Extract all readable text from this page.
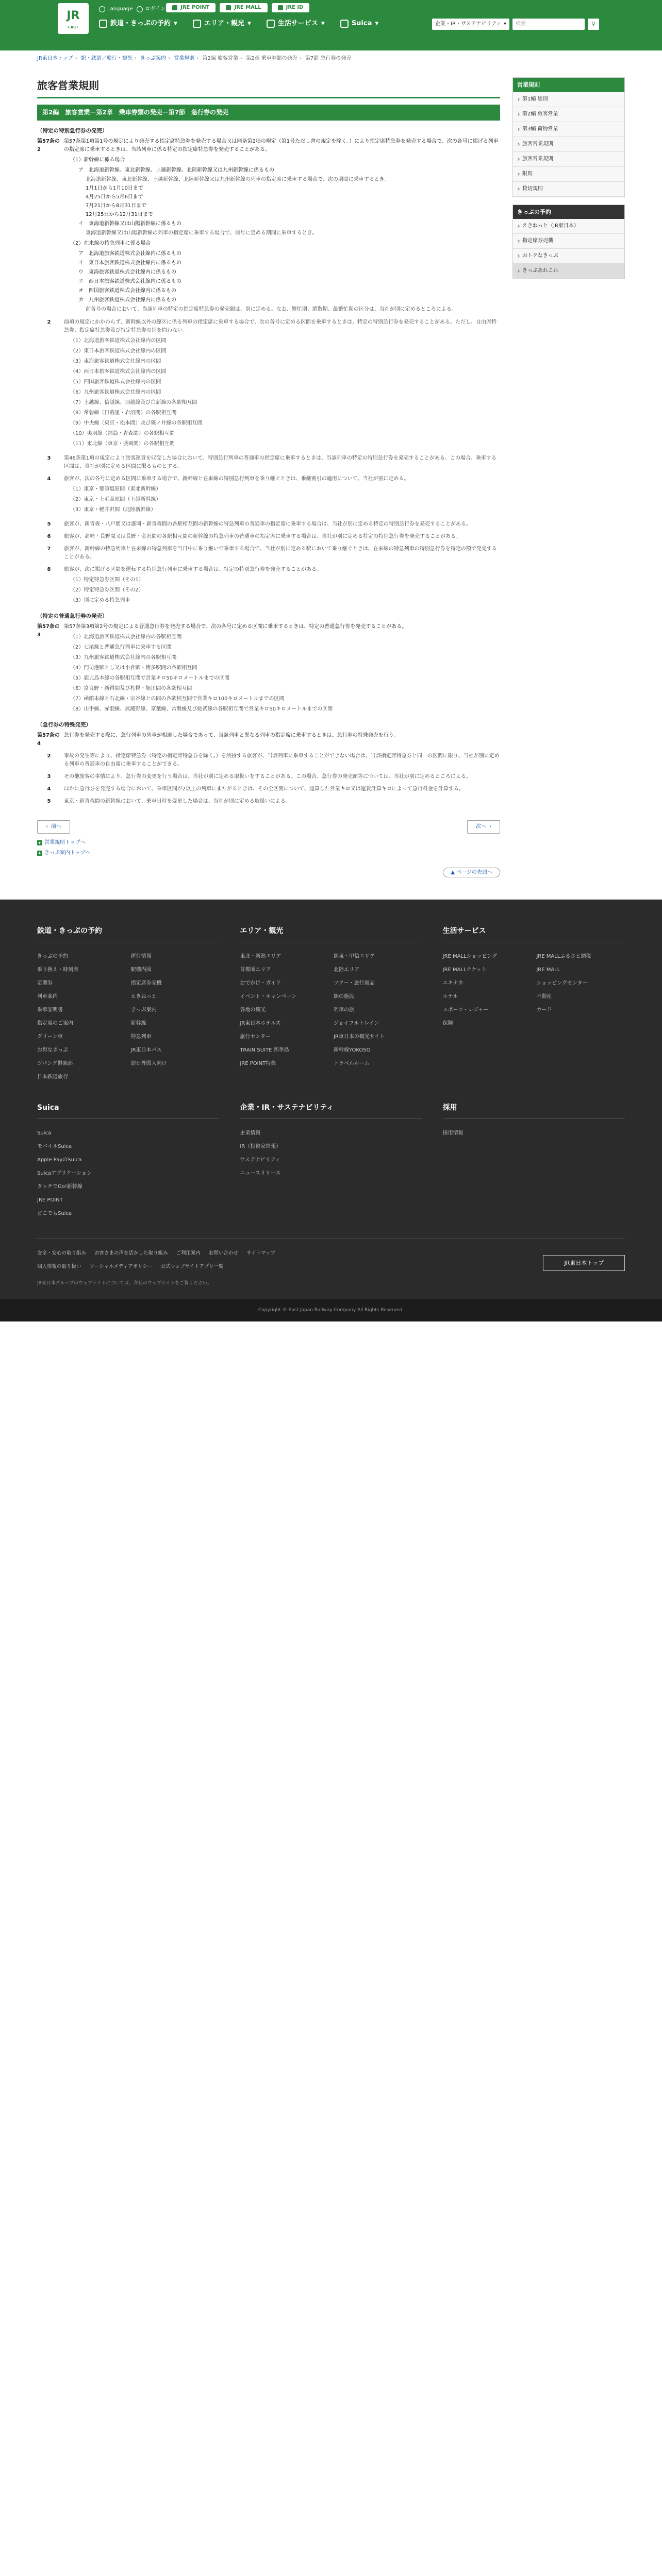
JR
EAST
Language ログイン	JRE POINT	JRE MALL	JRE ID
鉄道・きっぷの予約 ▼	エリア・観光 ▼	生活サービス ▼	Suica ▼	企業・IR・サステナビリティ ▾ 検索	⚲
JR東日本トップ › 駅・鉄道／旅行・観光 › きっぷ案内 › 営業規則 › 第2編 旅客営業 › 第2章 乗車券類の発売 › 第7節 急行券の発売
旅客営業規則
第2編　旅客営業－第2章　乗車券類の発売－第7節　急行券の発売
（特定の特別急行券の発売）
第57条の2

第57条第1項第1号の規定により発売する指定席特急券を発売する場合又は同条第2項の規定（第1号ただし書の規定を除く。）により指定席特急券を発売する場合で、次の各号に掲げる列車の指定席に乗車するときは、当該列車に係る特定の指定席特急券を発売することがある。

（1）新幹線に係る場合
ア　北海道新幹線、東北新幹線、上越新幹線、北陸新幹線又は九州新幹線に係るもの
北海道新幹線、東北新幹線、上越新幹線、北陸新幹線又は九州新幹線の列車の指定席に乗車する場合で、次の期間に乗車するとき。
1月1日から1月10日まで
4月25日から5月6日まで
7月21日から8月31日まで
12月25日から12月31日まで
イ　東海道新幹線又は山陽新幹線に係るもの
東海道新幹線又は山陽新幹線の列車の指定席に乗車する場合で、前号に定める期間に乗車するとき。
（2）在来線の特急列車に係る場合
ア　北海道旅客鉄道株式会社線内に係るもの
イ　東日本旅客鉄道株式会社線内に係るもの
ウ　東海旅客鉄道株式会社線内に係るもの
エ　西日本旅客鉄道株式会社線内に係るもの
オ　四国旅客鉄道株式会社線内に係るもの
カ　九州旅客鉄道株式会社線内に係るもの
前各号の場合において、当該列車の特定の指定席特急券の発売額は、別に定める。なお、繁忙期、閑散期、最繁忙期の区分は、当社が別に定めるところによる。
2	前項の規定にかかわらず、新幹線以外の線区に係る列車の指定席に乗車する場合で、次の各号に定める区間を乗車するときは、特定の特別急行券を発売することがある。ただし、自由席特急券、指定席特急券及び特定特急券の別を問わない。
（1）北海道旅客鉄道株式会社線内の区間
（2）東日本旅客鉄道株式会社線内の区間
（3）東海旅客鉄道株式会社線内の区間
（4）西日本旅客鉄道株式会社線内の区間
（5）四国旅客鉄道株式会社線内の区間
（6）九州旅客鉄道株式会社線内の区間
（7）上越線、信越線、羽越線及び白新線の各駅相互間
（8）常磐線（日暮里・岩沼間）の各駅相互間
（9）中央線（東京・松本間）及び篠ノ井線の各駅相互間
（10）奥羽線（福島・青森間）の各駅相互間
（11）東北線（東京・盛岡間）の各駅相互間
3	第46条第1項の規定により旅客運賃を収受した場合において、特別急行列車の普通車の指定席に乗車するときは、当該列車の特定の特別急行券を発売することがある。この場合、乗車する区間は、当社が別に定める区間に限るものとする。
4	旅客が、次の各号に定める区間に乗車する場合で、新幹線と在来線の特別急行列車を乗り継ぐときは、乗継割引の適用について、当社が別に定める。
（1）東京・那須塩原間（東北新幹線）
（2）東京・上毛高原間（上越新幹線）
（3）東京・軽井沢間（北陸新幹線）
5	旅客が、新青森・八戸間又は盛岡・新青森間の各駅相互間の新幹線の特急列車の普通車の指定席に乗車する場合は、当社が別に定める特定の特別急行券を発売することがある。
6	旅客が、高崎・長野間又は長野・金沢間の各駅相互間の新幹線の特急列車の普通車の指定席に乗車する場合は、当社が別に定める特定の特別急行券を発売することがある。
7	旅客が、新幹線の特急列車と在来線の特急列車を当日中に乗り継いで乗車する場合で、当社が別に定める駅において乗り継ぐときは、在来線の特急列車の特別急行券を特定の額で発売することがある。
8	旅客が、次に掲げる区間を運転する特別急行列車に乗車する場合は、特定の特別急行券を発売することがある。
（1）特定特急券区間（その1）
（2）特定特急券区間（その2）
（3）別に定める特急列車
（特定の普通急行券の発売）
第57条の3

第57条第3項第2号の規定による普通急行券を発売する場合で、次の各号に定める区間に乗車するときは、特定の普通急行券を発売することがある。

（1）北海道旅客鉄道株式会社線内の各駅相互間
（2）七尾線と普通急行列車に乗車する区間
（3）九州旅客鉄道株式会社線内の各駅相互間
（4）門司港駅とし又は小倉駅・博多駅間の各駅相互間
（5）鹿児島本線の各駅相互間で営業キロ50キロメートルまでの区間
（6）富良野・新得間及び札幌・旭川間の各駅相互間
（7）函館本線と石北線・宗谷線との間の各駅相互間で営業キロ100キロメートルまでの区間
（8）山手線、赤羽線、武蔵野線、京葉線、常磐線及び総武線の各駅相互間で営業キロ50キロメートルまでの区間
（急行券の特殊発売）
第57条の4

急行券を発売する際に、急行列車の列車が相違した場合であって、当該列車と異なる列車の指定席に乗車するときは、急行券の特殊発売を行う。

2	事故の発生等により、指定席特急券（特定の指定席特急券を除く。）を所持する旅客が、当該列車に乗車することができない場合は、当該指定席特急券と同一の区間に限り、当社が別に定める列車の普通車の自由席に乗車することができる。
3	その他旅客の事情により、急行券の変更を行う場合は、当社が別に定める取扱いをすることがある。この場合、急行券の発売額等については、当社が別に定めるところによる。
4	ほかに急行券を発売する場合において、乗車区間が2以上の列車にまたがるときは、その全区間について、通算した営業キロ又は運賃計算キロによって急行料金を計算する。
5	東京・新青森間の新幹線において、乗車日時を変更した場合は、当社が別に定める取扱いによる。
‹ 前へ	次へ ›
営業規則トップへ
きっぷ案内トップへ
▲ ページの先頭へ
営業規則
第1編 総則
第2編 旅客営業
第3編 荷物営業
旅客営業規則
旅客営業規則
附則
貸切規則
きっぷの予約
えきねっと（JR東日本）
指定席券売機
おトクなきっぷ
きっぷあれこれ
鉄道・きっぷの予約
きっぷの予約	運行情報
乗り換え・時刻表	駅構内図
定期券	指定席券売機
列車案内	えきねっと
乗車証明書	きっぷ案内
指定席のご案内	新幹線
グリーン車	特急列車
お得なきっぷ	JR東日本パス
ジパング倶楽部	訪日外国人向け
日本鉄道旅行
エリア・観光
東北・新潟エリア	関東・甲信エリア
首都圏エリア	北陸エリア
おでかけ・ガイド	ツアー・旅行商品
イベント・キャンペーン	駅の施設
各地の観光	列車の旅
JR東日本ホテルズ	ジョイフルトレイン
旅行センター	JR東日本の観光サイト
TRAIN SUITE 四季島	新幹線YOKOSO
JRE POINT特典	トラベルルーム
生活サービス
JRE MALLショッピング	JRE MALLふるさと納税
JRE MALLチケット	JRE MALL
エキナカ	ショッピングセンター
ホテル	不動産
スポーツ・レジャー	カード
保険
Suica
Suica
モバイルSuica
Apple PayのSuica
Suicaアプリケーション
タッチでGo!新幹線
JRE POINT
どこでもSuica
企業・IR・サステナビリティ
企業情報
IR（投資家情報）
サステナビリティ
ニュースリリース
採用
採用情報
安全・安心の取り組み お客さまの声を活かした取り組み ご利用案内 お問い合わせ サイトマップ
個人情報の取り扱い ソーシャルメディアポリシー 公式ウェブサイトアプリ一覧
JR東日本トップ
JR東日本グループのウェブサイトについては、各社のウェブサイトをご覧ください。
Copyright © East Japan Railway Company All Rights Reserved.
